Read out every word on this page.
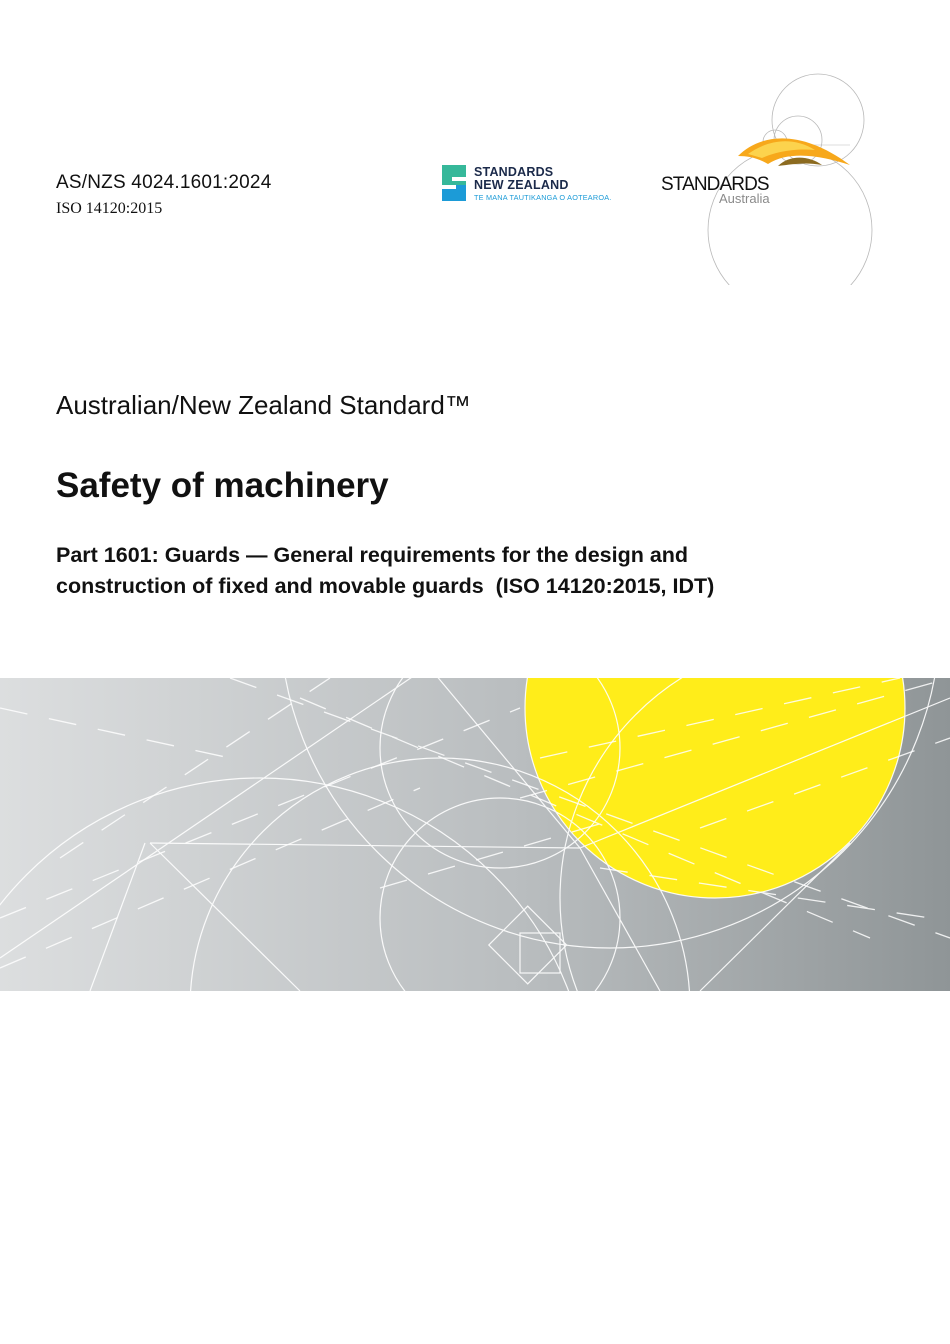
AS/NZS 4024.1601:2024
ISO 14120:2015
STANDARDS
NEW ZEALAND
TE MANA TAUTIKANGA O AOTEAROA.
STANDARDS
Australia
Australian/New Zealand Standard™
Safety of machinery
Part 1601: Guards — General requirements for the design and
construction of fixed and movable guards  (ISO 14120:2015, IDT)
